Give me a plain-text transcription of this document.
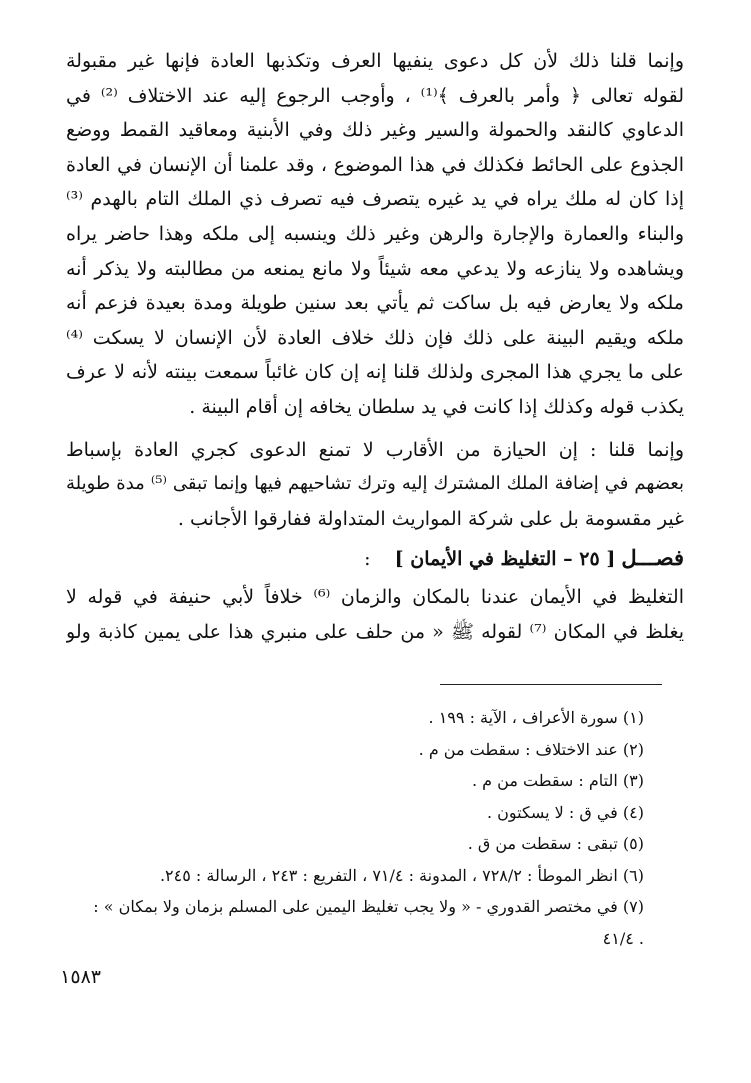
وإنما قلنا ذلك لأن كل دعوى ينفيها العرف وتكذبها العادة فإنها غير مقبولة
لقوله تعالى ﴿ وأمر بالعرف ﴾⁽¹⁾ ، وأوجب الرجوع إليه عند الاختلاف ⁽²⁾ في
الدعاوي كالنقد والحمولة والسير وغير ذلك وفي الأبنية ومعاقيد القمط ووضع
الجذوع على الحائط فكذلك في هذا الموضوع ، وقد علمنا أن الإنسان في العادة
إذا كان له ملك يراه في يد غيره يتصرف فيه تصرف ذي الملك التام بالهدم ⁽³⁾
والبناء والعمارة والإجارة والرهن وغير ذلك وينسبه إلى ملكه وهذا حاضر يراه
ويشاهده ولا ينازعه ولا يدعي معه شيئاً ولا مانع يمنعه من مطالبته ولا يذكر أنه
ملكه ولا يعارض فيه بل ساكت ثم يأتي بعد سنين طويلة ومدة بعيدة فزعم أنه
ملكه ويقيم البينة على ذلك فإن ذلك خلاف العادة لأن الإنسان لا يسكت ⁽⁴⁾
على ما يجري هذا المجرى ولذلك قلنا إنه إن كان غائباً سمعت بينته لأنه لا عرف
يكذب قوله وكذلك إذا كانت في يد سلطان يخافه إن أقام البينة .
وإنما قلنا : إن الحيازة من الأقارب لا تمنع الدعوى كجري العادة بإسباط
بعضهم في إضافة الملك المشترك إليه وترك تشاحيهم فيها وإنما تبقى ⁽⁵⁾ مدة طويلة
غير مقسومة بل على شركة المواريث المتداولة ففارقوا الأجانب .
فصـــل [ ٢٥ – التغليظ في الأيمان ]    :
التغليظ في الأيمان عندنا بالمكان والزمان ⁽⁶⁾ خلافاً لأبي حنيفة في قوله لا
يغلظ في المكان ⁽⁷⁾ لقوله ﷺ « من حلف على منبري هذا على يمين كاذبة ولو
(١) سورة الأعراف ، الآية : ١٩٩ .
(٢) عند الاختلاف : سقطت من م .
(٣) التام : سقطت من م .
(٤) في ق : لا يسكتون .
(٥) تبقى : سقطت من ق .
(٦) انظر الموطأ : ٧٢٨/٢ ، المدونة : ٧١/٤ ، التفريع : ٢٤٣ ، الرسالة : ٢٤٥.
(٧) في مختصر القدوري - « ولا يجب تغليظ اليمين على المسلم بزمان ولا بمكان » :
. ٤١/٤
١٥٨٣
